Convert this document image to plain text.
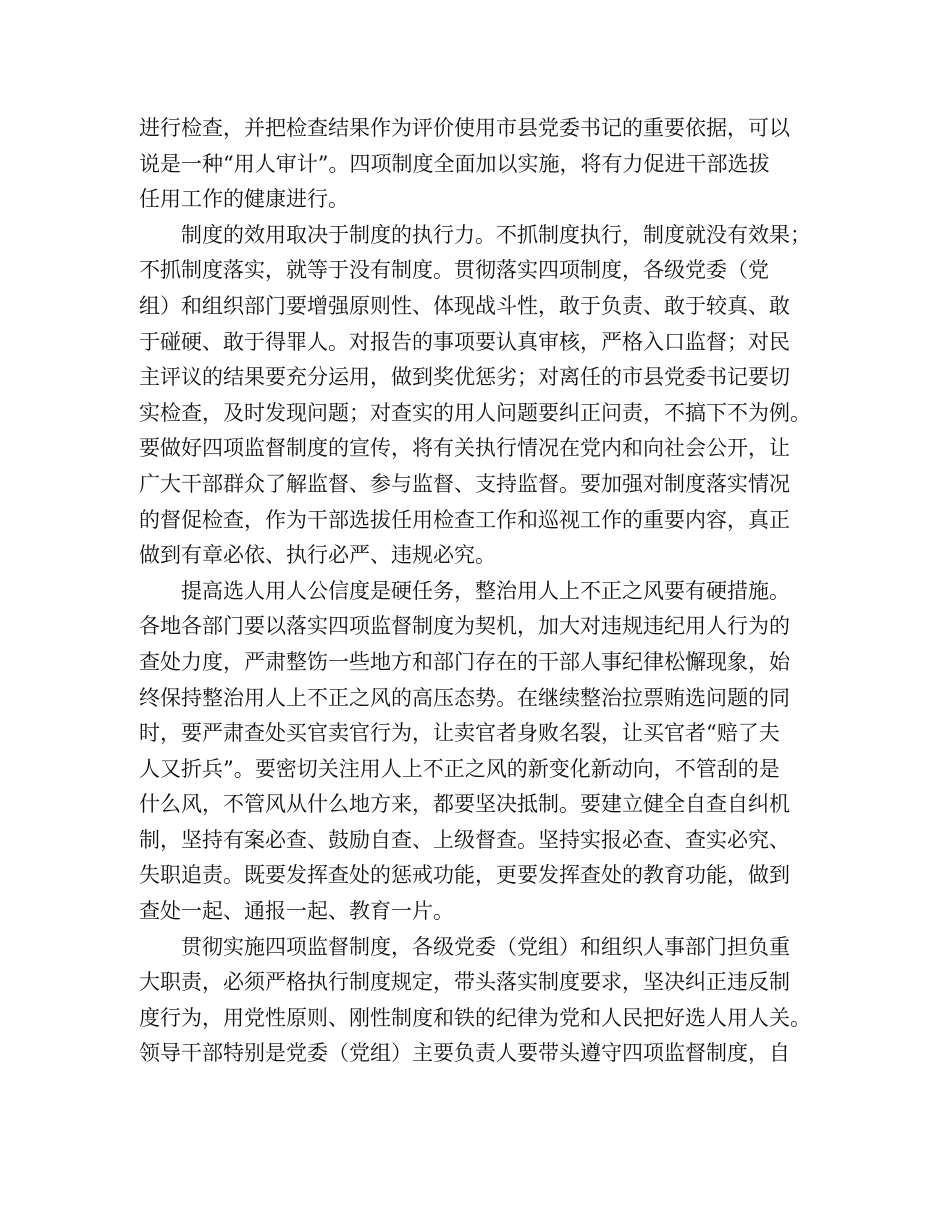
进行检查，并把检查结果作为评价使用市县党委书记的重要依据，可以
说是一种“用人审计”。四项制度全面加以实施，将有力促进干部选拔
任用工作的健康进行。
制度的效用取决于制度的执行力。不抓制度执行，制度就没有效果；
不抓制度落实，就等于没有制度。贯彻落实四项制度，各级党委（党
组）和组织部门要增强原则性、体现战斗性，敢于负责、敢于较真、敢
于碰硬、敢于得罪人。对报告的事项要认真审核，严格入口监督；对民
主评议的结果要充分运用，做到奖优惩劣；对离任的市县党委书记要切
实检查，及时发现问题；对查实的用人问题要纠正问责，不搞下不为例。
要做好四项监督制度的宣传，将有关执行情况在党内和向社会公开，让
广大干部群众了解监督、参与监督、支持监督。要加强对制度落实情况
的督促检查，作为干部选拔任用检查工作和巡视工作的重要内容，真正
做到有章必依、执行必严、违规必究。
提高选人用人公信度是硬任务，整治用人上不正之风要有硬措施。
各地各部门要以落实四项监督制度为契机，加大对违规违纪用人行为的
查处力度，严肃整饬一些地方和部门存在的干部人事纪律松懈现象，始
终保持整治用人上不正之风的高压态势。在继续整治拉票贿选问题的同
时，要严肃查处买官卖官行为，让卖官者身败名裂，让买官者“赔了夫
人又折兵”。要密切关注用人上不正之风的新变化新动向，不管刮的是
什么风，不管风从什么地方来，都要坚决抵制。要建立健全自查自纠机
制，坚持有案必查、鼓励自查、上级督查。坚持实报必查、查实必究、
失职追责。既要发挥查处的惩戒功能，更要发挥查处的教育功能，做到
查处一起、通报一起、教育一片。
贯彻实施四项监督制度，各级党委（党组）和组织人事部门担负重
大职责，必须严格执行制度规定，带头落实制度要求，坚决纠正违反制
度行为，用党性原则、刚性制度和铁的纪律为党和人民把好选人用人关。
领导干部特别是党委（党组）主要负责人要带头遵守四项监督制度，自
